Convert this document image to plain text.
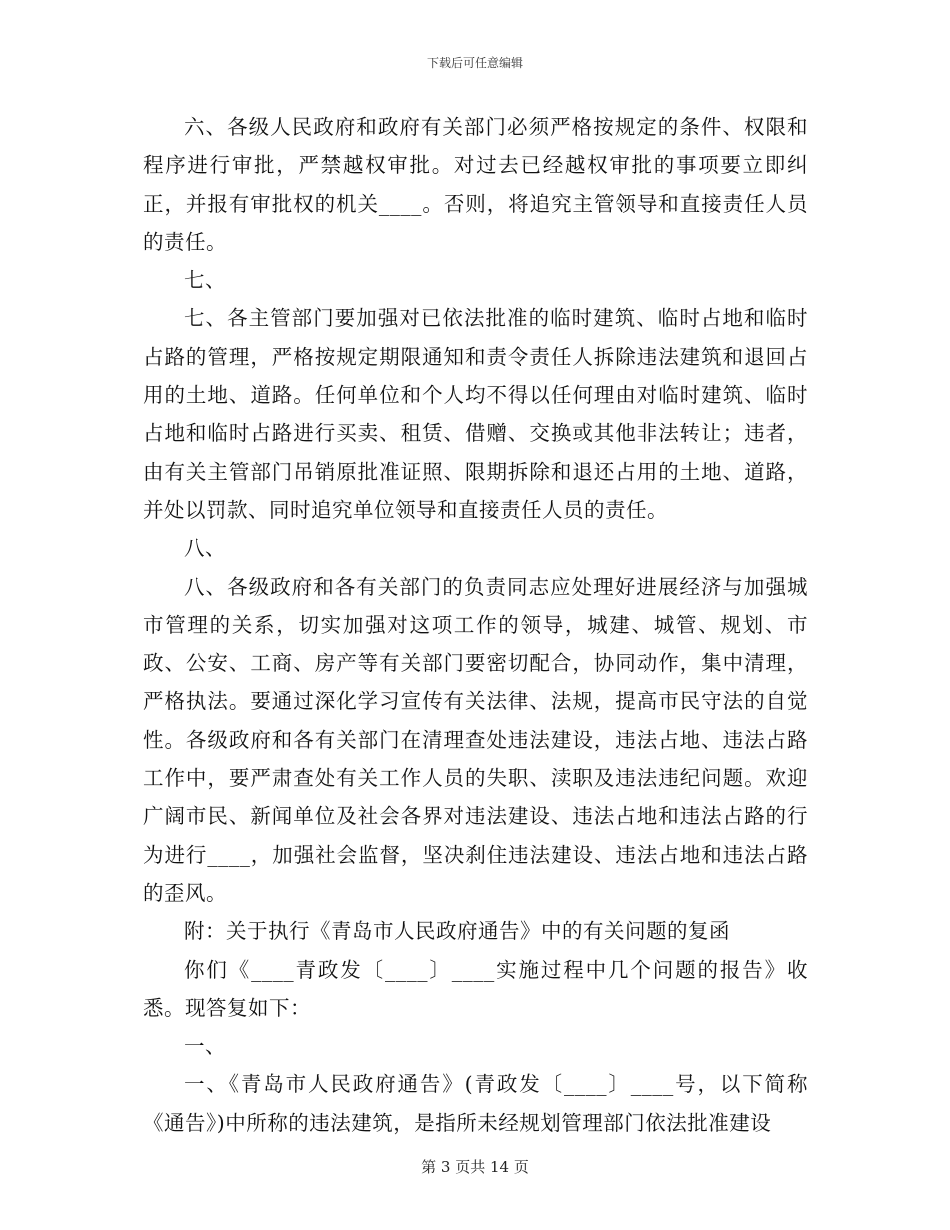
下载后可任意编辑

六、各级人民政府和政府有关部门必须严格按规定的条件、权限和程序进行审批，严禁越权审批。对过去已经越权审批的事项要立即纠正，并报有审批权的机关____。否则，将追究主管领导和直接责任人员的责任。

七、

七、各主管部门要加强对已依法批准的临时建筑、临时占地和临时占路的管理，严格按规定期限通知和责令责任人拆除违法建筑和退回占用的土地、道路。任何单位和个人均不得以任何理由对临时建筑、临时占地和临时占路进行买卖、租赁、借赠、交换或其他非法转让；违者，由有关主管部门吊销原批准证照、限期拆除和退还占用的土地、道路，并处以罚款、同时追究单位领导和直接责任人员的责任。

八、

八、各级政府和各有关部门的负责同志应处理好进展经济与加强城市管理的关系，切实加强对这项工作的领导，城建、城管、规划、市政、公安、工商、房产等有关部门要密切配合，协同动作，集中清理，严格执法。要通过深化学习宣传有关法律、法规，提高市民守法的自觉性。各级政府和各有关部门在清理查处违法建设，违法占地、违法占路工作中，要严肃查处有关工作人员的失职、渎职及违法违纪问题。欢迎广阔市民、新闻单位及社会各界对违法建设、违法占地和违法占路的行为进行____，加强社会监督，坚决刹住违法建设、违法占地和违法占路的歪风。

附：关于执行《青岛市人民政府通告》中的有关问题的复函

你们《____青政发〔____〕____实施过程中几个问题的报告》收悉。现答复如下：

一、

一、《青岛市人民政府通告》(青政发〔____〕____号，以下简称《通告》)中所称的违法建筑，是指所未经规划管理部门依法批准建设

第 3 页共 14 页
